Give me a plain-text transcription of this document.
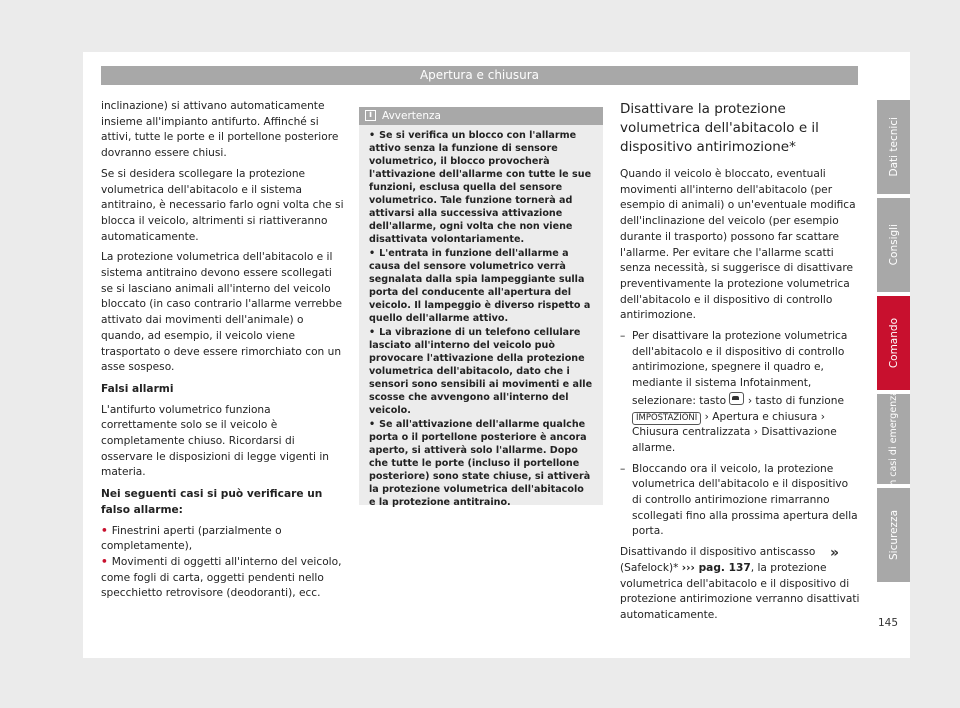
Apertura e chiusura

inclinazione) si attivano automaticamente insieme all'impianto antifurto. Affinché si attivi, tutte le porte e il portellone posteriore dovranno essere chiusi.

Se si desidera scollegare la protezione volumetrica dell'abitacolo e il sistema antitraino, è necessario farlo ogni volta che si blocca il veicolo, altrimenti si riattiveranno automaticamente.

La protezione volumetrica dell'abitacolo e il sistema antitraino devono essere scollegati se si lasciano animali all'interno del veicolo bloccato (in caso contrario l'allarme verrebbe attivato dai movimenti dell'animale) o quando, ad esempio, il veicolo viene trasportato o deve essere rimorchiato con un asse sospeso.

Falsi allarmi

L'antifurto volumetrico funziona correttamente solo se il veicolo è completamente chiuso. Ricordarsi di osservare le disposizioni di legge vigenti in materia.

Nei seguenti casi si può verificare un falso allarme:

• Finestrini aperti (parzialmente o completamente),

• Movimenti di oggetti all'interno del veicolo, come fogli di carta, oggetti pendenti nello specchietto retrovisore (deodoranti), ecc.

i Avvertenza

• Se si verifica un blocco con l'allarme attivo senza la funzione di sensore volumetrico, il blocco provocherà l'attivazione dell'allarme con tutte le sue funzioni, esclusa quella del sensore volumetrico. Tale funzione tornerà ad attivarsi alla successiva attivazione dell'allarme, ogni volta che non viene disattivata volontariamente.

• L'entrata in funzione dell'allarme a causa del sensore volumetrico verrà segnalata dalla spia lampeggiante sulla porta del conducente all'apertura del veicolo. Il lampeggio è diverso rispetto a quello dell'allarme attivo.

• La vibrazione di un telefono cellulare lasciato all'interno del veicolo può provocare l'attivazione della protezione volumetrica dell'abitacolo, dato che i sensori sono sensibili ai movimenti e alle scosse che avvengono all'interno del veicolo.

• Se all'attivazione dell'allarme qualche porta o il portellone posteriore è ancora aperto, si attiverà solo l'allarme. Dopo che tutte le porte (incluso il portellone posteriore) sono state chiuse, si attiverà la protezione volumetrica dell'abitacolo e la protezione antitraino.

Disattivare la protezione volumetrica dell'abitacolo e il dispositivo antirimozione*

Quando il veicolo è bloccato, eventuali movimenti all'interno dell'abitacolo (per esempio di animali) o un'eventuale modifica dell'inclinazione del veicolo (per esempio durante il trasporto) possono far scattare l'allarme. Per evitare che l'allarme scatti senza necessità, si suggerisce di disattivare preventivamente la protezione volumetrica dell'abitacolo e il dispositivo di controllo antirimozione.

– Per disattivare la protezione volumetrica dell'abitacolo e il dispositivo di controllo antirimozione, spegnere il quadro e, mediante il sistema Infotainment, selezionare: tasto › tasto di funzione IMPOSTAZIONI › Apertura e chiusura › Chiusura centralizzata › Disattivazione allarme.

– Bloccando ora il veicolo, la protezione volumetrica dell'abitacolo e il dispositivo di controllo antirimozione rimarranno scollegati fino alla prossima apertura della porta.

Disattivando il dispositivo antiscasso (Safelock)* ››› pag. 137, la protezione volumetrica dell'abitacolo e il dispositivo di protezione antirimozione verranno disattivati automaticamente.

»
Dati tecnici
Consigli
Comando
In casi di emergenza
Sicurezza
145
